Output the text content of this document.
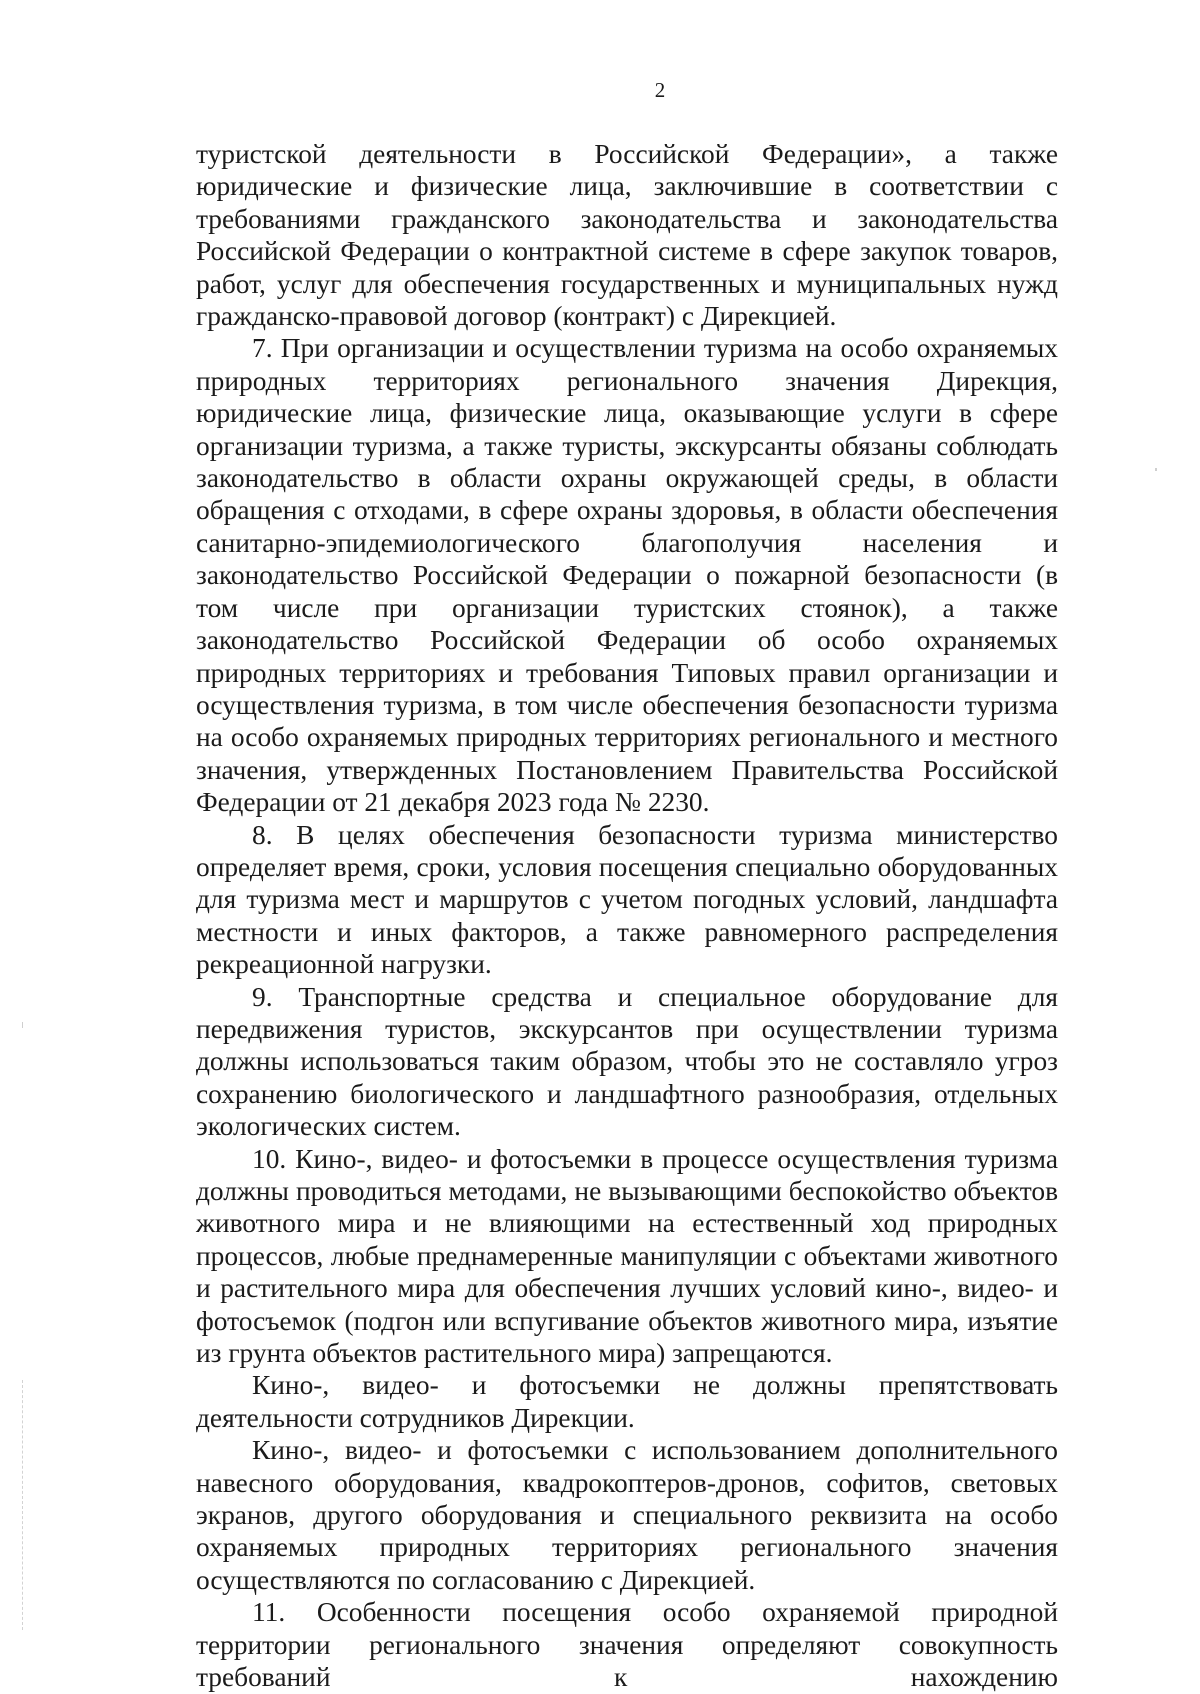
2

туристской деятельности в Российской Федерации», а также юридические и физические лица, заключившие в соответствии с требованиями гражданского законодательства и законодательства Российской Федерации о контрактной системе в сфере закупок товаров, работ, услуг для обеспечения государственных и муниципальных нужд гражданско-правовой договор (контракт) с Дирекцией.

7. При организации и осуществлении туризма на особо охраняемых природных территориях регионального значения Дирекция, юридические лица, физические лица, оказывающие услуги в сфере организации туризма, а также туристы, экскурсанты обязаны соблюдать законодательство в области охраны окружающей среды, в области обращения с отходами, в сфере охраны здоровья, в области обеспечения санитарно-эпидемиологического благополучия населения и законодательство Российской Федерации о пожарной безопасности (в том числе при организации туристских стоянок), а также законодательство Российской Федерации об особо охраняемых природных территориях и требования Типовых правил организации и осуществления туризма, в том числе обеспечения безопасности туризма на особо охраняемых природных территориях регионального и местного значения, утвержденных Постановлением Правительства Российской Федерации от 21 декабря 2023 года № 2230.

8. В целях обеспечения безопасности туризма министерство определяет время, сроки, условия посещения специально оборудованных для туризма мест и маршрутов с учетом погодных условий, ландшафта местности и иных факторов, а также равномерного распределения рекреационной нагрузки.

9. Транспортные средства и специальное оборудование для передвижения туристов, экскурсантов при осуществлении туризма должны использоваться таким образом, чтобы это не составляло угроз сохранению биологического и ландшафтного разнообразия, отдельных экологических систем.

10. Кино-, видео- и фотосъемки в процессе осуществления туризма должны проводиться методами, не вызывающими беспокойство объектов животного мира и не влияющими на естественный ход природных процессов, любые преднамеренные манипуляции с объектами животного и растительного мира для обеспечения лучших условий кино-, видео- и фотосъемок (подгон или вспугивание объектов животного мира, изъятие из грунта объектов растительного мира) запрещаются.

Кино-, видео- и фотосъемки не должны препятствовать деятельности сотрудников Дирекции.

Кино-, видео- и фотосъемки с использованием дополнительного навесного оборудования, квадрокоптеров-дронов, софитов, световых экранов, другого оборудования и специального реквизита на особо охраняемых природных территориях регионального значения осуществляются по согласованию с Дирекцией.

11. Особенности посещения особо охраняемой природной территории регионального значения определяют совокупность требований к нахождению
